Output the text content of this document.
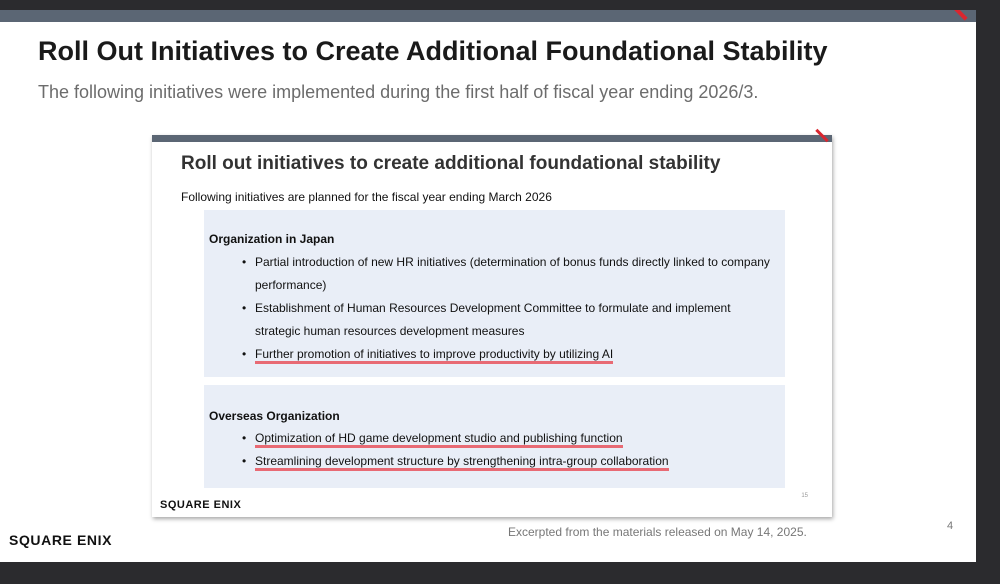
Roll Out Initiatives to Create Additional Foundational Stability

The following initiatives were implemented during the first half of fiscal year ending 2026/3.

Roll out initiatives to create additional foundational stability

Following initiatives are planned for the fiscal year ending March 2026

Organization in Japan

• Partial introduction of new HR initiatives (determination of bonus funds directly linked to company performance)
• Establishment of Human Resources Development Committee to formulate and implement strategic human resources development measures
• Further promotion of initiatives to improve productivity by utilizing AI

Overseas Organization

• Optimization of HD game development studio and publishing function
• Streamlining development structure by strengthening intra-group collaboration
15
SQUARE ENIX

Excerpted from the materials released on May 14, 2025.	4
SQUARE ENIX
